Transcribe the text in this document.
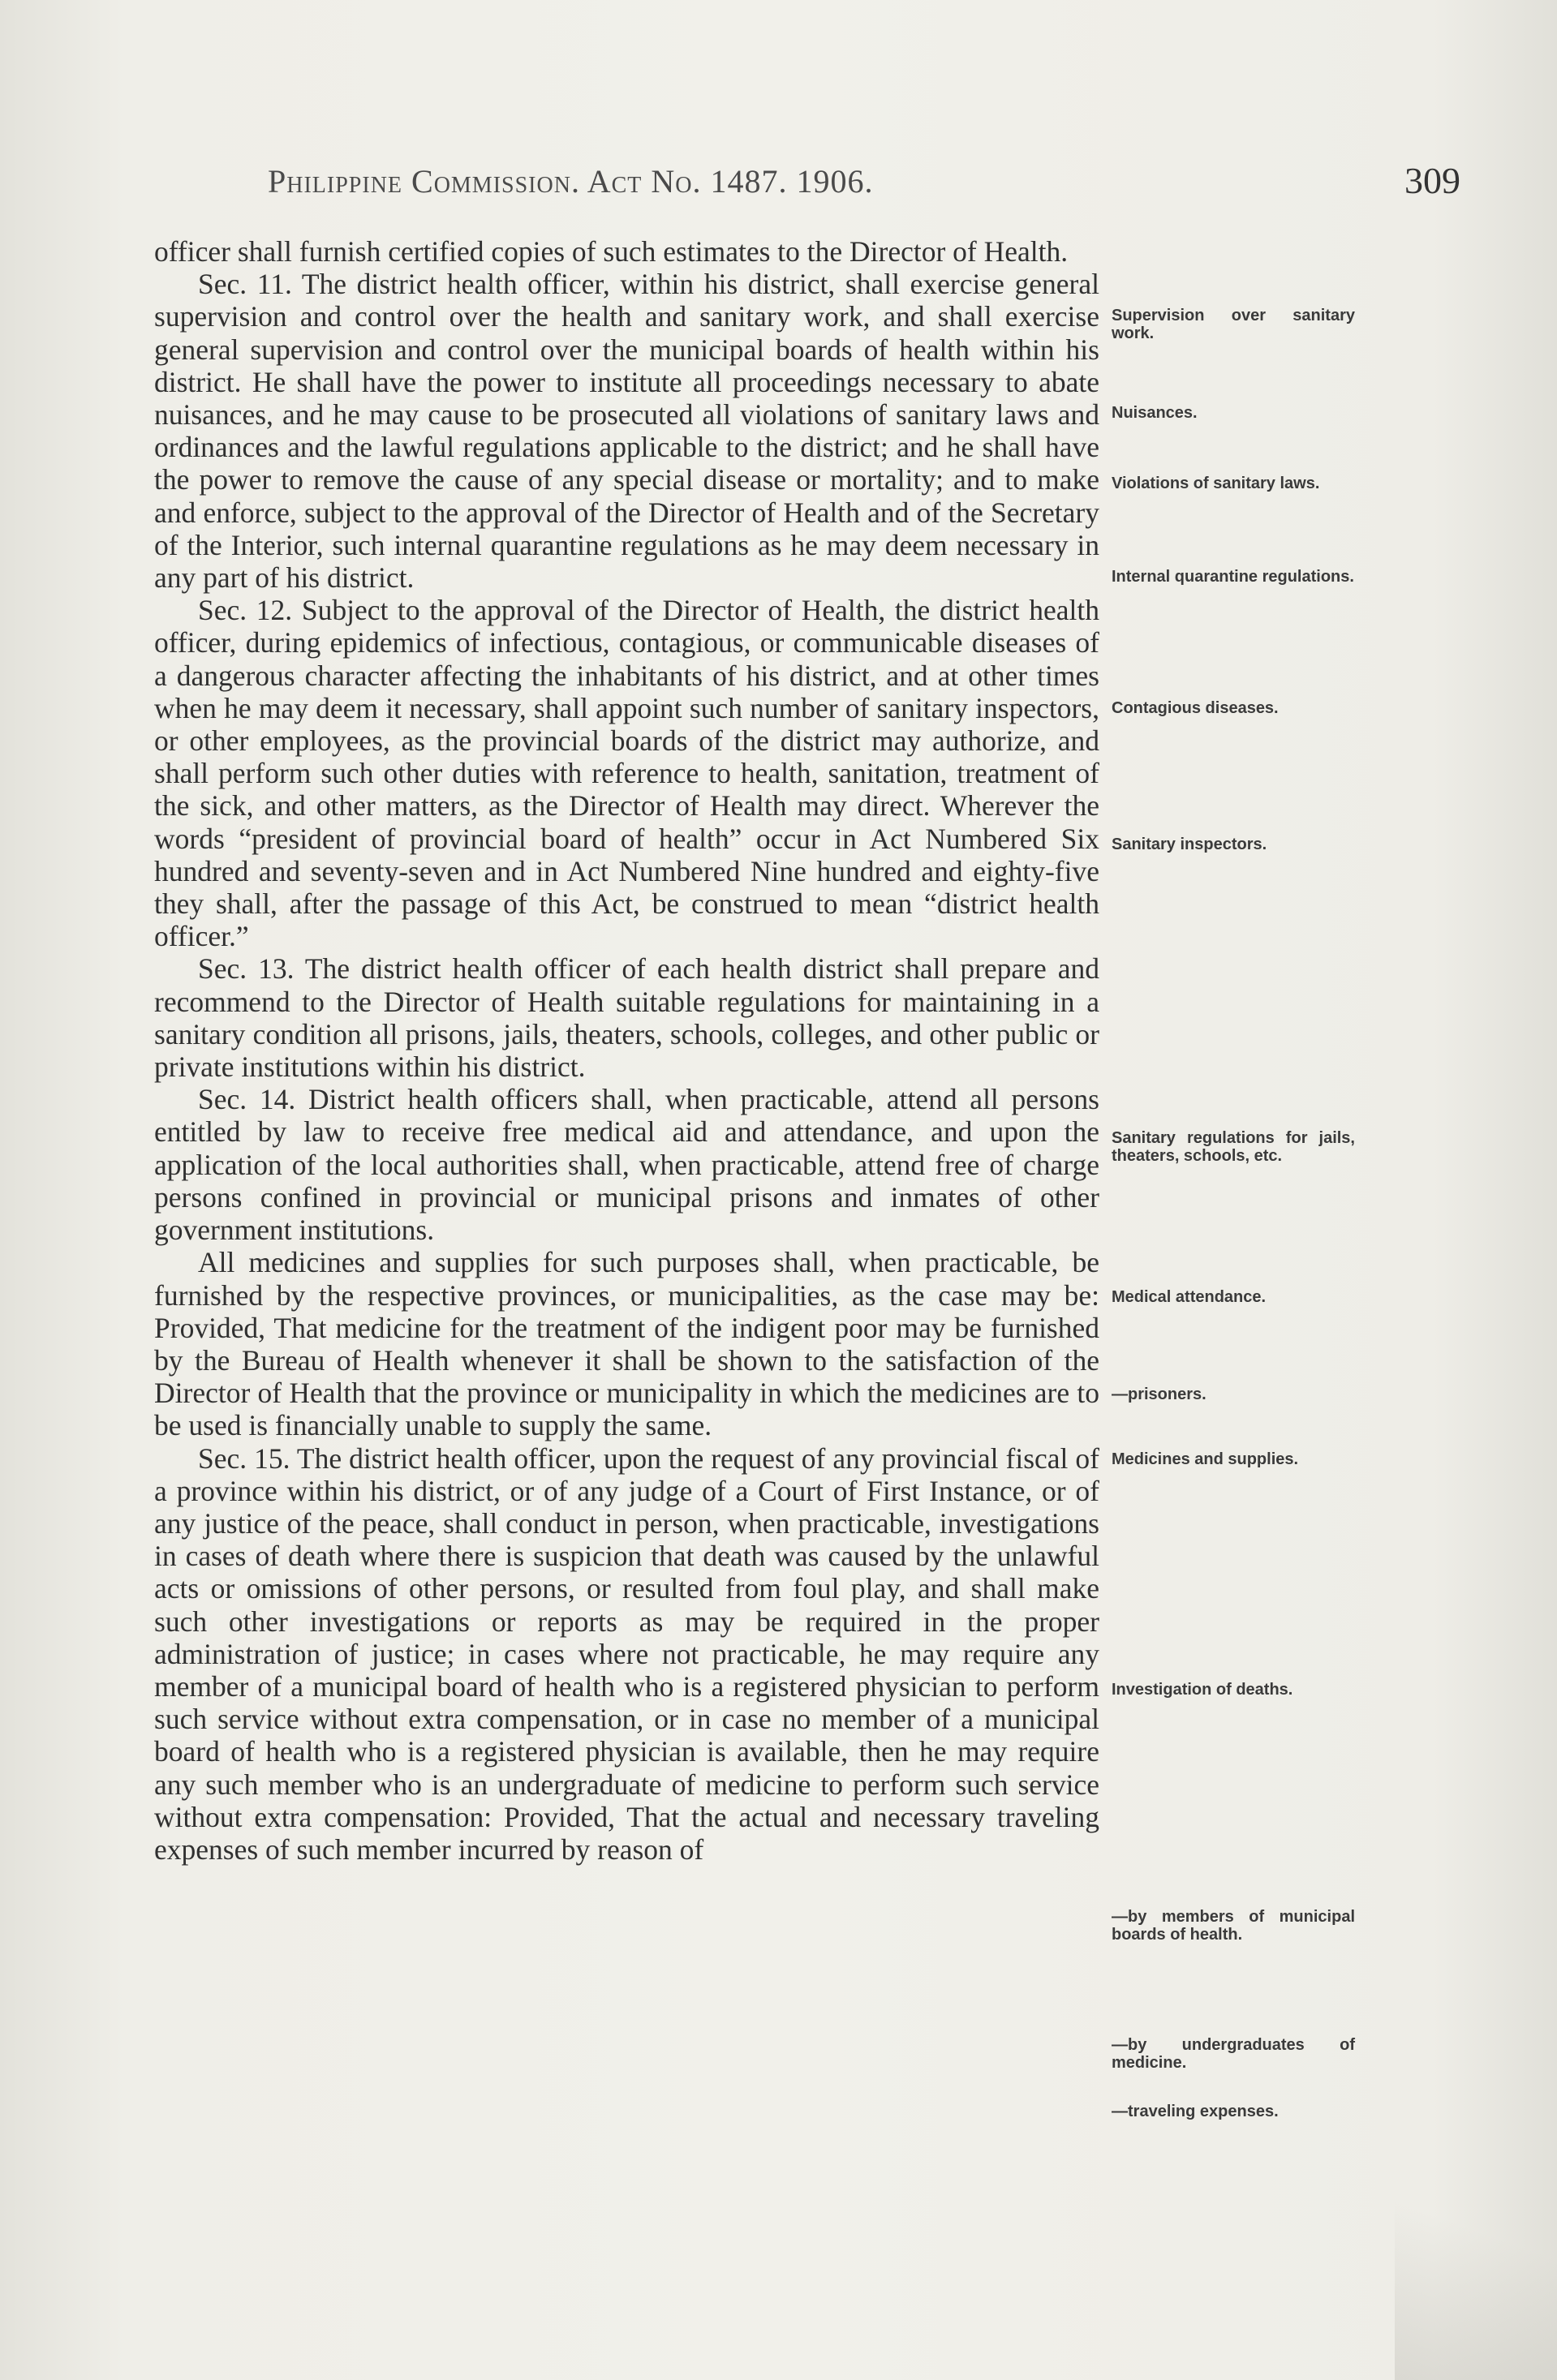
Philippine Commission. Act No. 1487. 1906.	309

officer shall furnish certified copies of such estimates to the Director of Health.

Sec. 11. The district health officer, within his district, shall exercise general supervision and control over the health and sanitary work, and shall exercise general supervision and control over the municipal boards of health within his district. He shall have the power to institute all proceedings necessary to abate nuisances, and he may cause to be prosecuted all violations of sanitary laws and ordinances and the lawful regulations applicable to the district; and he shall have the power to remove the cause of any special disease or mortality; and to make and enforce, subject to the approval of the Director of Health and of the Secretary of the Interior, such internal quarantine regulations as he may deem necessary in any part of his district.

Sec. 12. Subject to the approval of the Director of Health, the district health officer, during epidemics of infectious, contagious, or communicable diseases of a dangerous character affecting the inhabitants of his district, and at other times when he may deem it necessary, shall appoint such number of sanitary inspectors, or other employees, as the provincial boards of the district may authorize, and shall perform such other duties with reference to health, sanitation, treatment of the sick, and other matters, as the Director of Health may direct. Wherever the words “president of provincial board of health” occur in Act Numbered Six hundred and seventy-seven and in Act Numbered Nine hundred and eighty-five they shall, after the passage of this Act, be construed to mean “district health officer.”

Sec. 13. The district health officer of each health district shall prepare and recommend to the Director of Health suitable regulations for maintaining in a sanitary condition all prisons, jails, theaters, schools, colleges, and other public or private institutions within his district.

Sec. 14. District health officers shall, when practicable, attend all persons entitled by law to receive free medical aid and attendance, and upon the application of the local authorities shall, when practicable, attend free of charge persons confined in provincial or municipal prisons and inmates of other government institutions.

All medicines and supplies for such purposes shall, when practicable, be furnished by the respective provinces, or municipalities, as the case may be: Provided, That medicine for the treatment of the indigent poor may be furnished by the Bureau of Health whenever it shall be shown to the satisfaction of the Director of Health that the province or municipality in which the medicines are to be used is financially unable to supply the same.

Sec. 15. The district health officer, upon the request of any provincial fiscal of a province within his district, or of any judge of a Court of First Instance, or of any justice of the peace, shall conduct in person, when practicable, investigations in cases of death where there is suspicion that death was caused by the unlawful acts or omissions of other persons, or resulted from foul play, and shall make such other investigations or reports as may be required in the proper administration of justice; in cases where not practicable, he may require any member of a municipal board of health who is a registered physician to perform such service without extra compensation, or in case no member of a municipal board of health who is a registered physician is available, then he may require any such member who is an undergraduate of medicine to perform such service without extra compensation: Provided, That the actual and necessary traveling expenses of such member incurred by reason of

Supervision over sanitary work.
Nuisances.
Violations of sanitary laws.
Internal quarantine regulations.
Contagious diseases.
Sanitary inspectors.
Sanitary regulations for jails, theaters, schools, etc.
Medical attendance.
—prisoners.
Medicines and supplies.
Investigation of deaths.
—by members of municipal boards of health.
—by undergraduates of medicine.
—traveling expenses.
